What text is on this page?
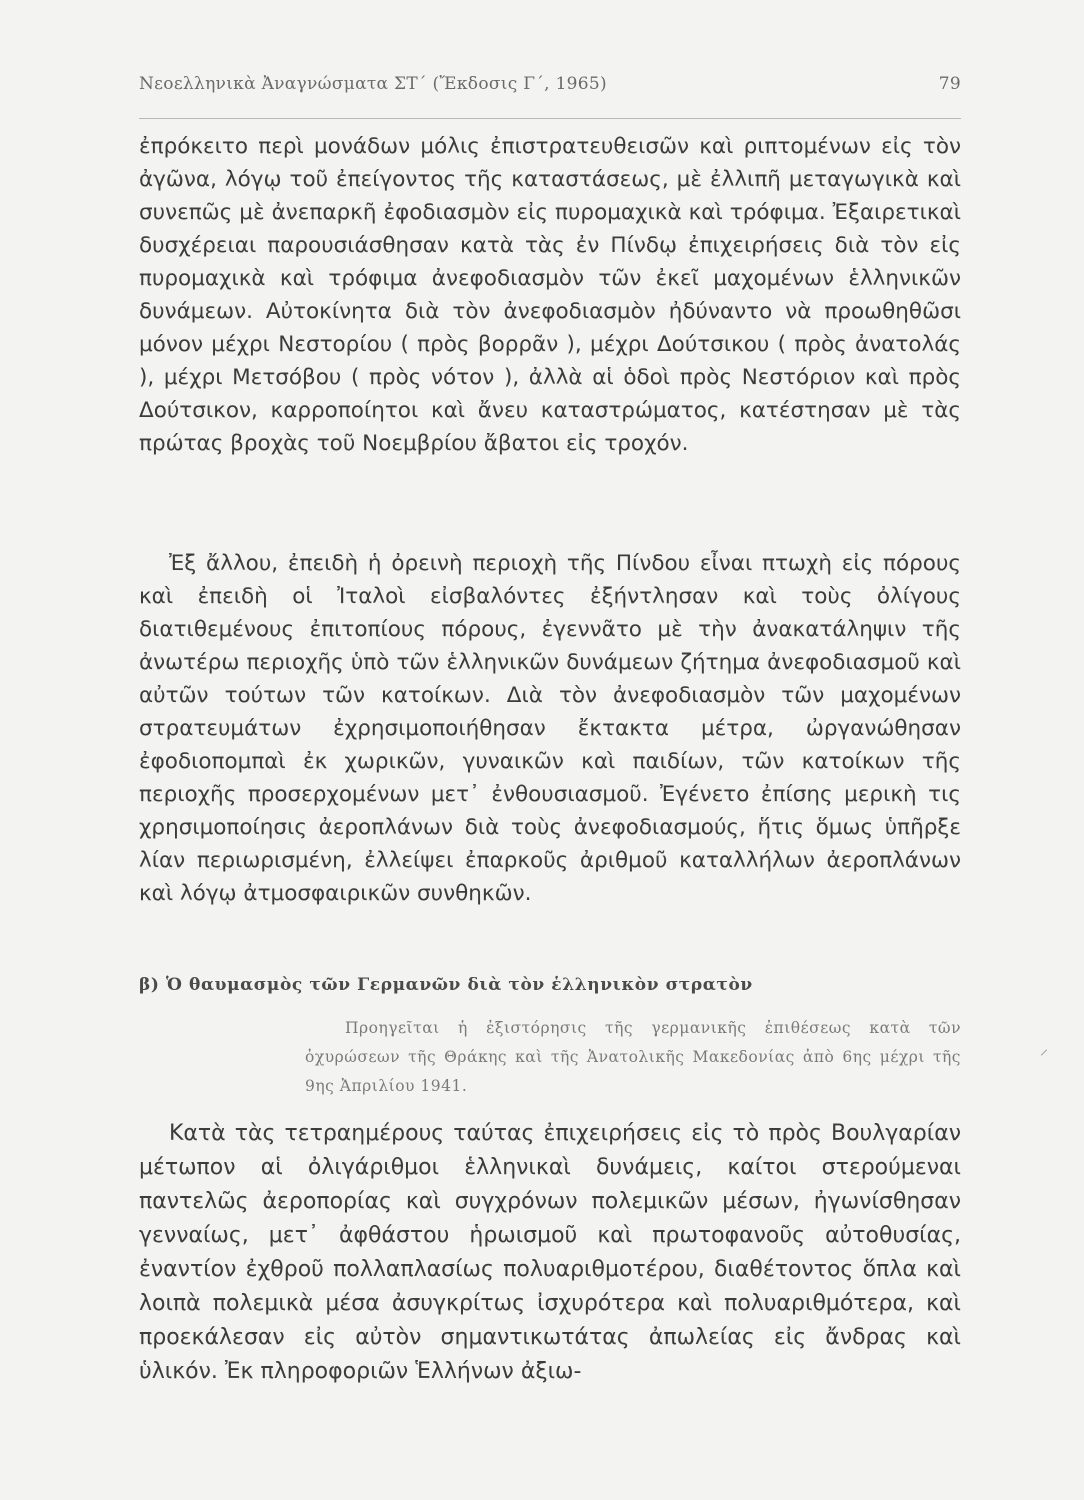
Νεοελληνικὰ Ἀναγνώσματα ΣΤ΄ (Ἔκδοσις Γ΄, 1965)	79

ἐπρόκειτο περὶ μονάδων μόλις ἐπιστρατευθεισῶν καὶ ριπτομένων εἰς τὸν ἀγῶνα, λόγῳ τοῦ ἐπείγοντος τῆς καταστάσεως, μὲ ἐλλιπῆ μεταγωγικὰ καὶ συνεπῶς μὲ ἀνεπαρκῆ ἐφοδιασμὸν εἰς πυρομαχικὰ καὶ τρόφιμα. Ἐξαιρετικαὶ δυσχέρειαι παρουσιάσθησαν κατὰ τὰς ἐν Πίνδῳ ἐπιχειρήσεις διὰ τὸν εἰς πυρομαχικὰ καὶ τρόφιμα ἀνεφοδιασμὸν τῶν ἐκεῖ μαχομένων ἑλληνικῶν δυνάμεων. Αὐτοκίνητα διὰ τὸν ἀνεφοδιασμὸν ἠδύναντο νὰ προωθηθῶσι μόνον μέχρι Νεστορίου ( πρὸς βορρᾶν ), μέχρι Δούτσικου ( πρὸς ἀνατολάς ), μέχρι Μετσόβου ( πρὸς νότον ), ἀλλὰ αἱ ὁδοὶ πρὸς Νεστόριον καὶ πρὸς Δούτσικον, καρροποίητοι καὶ ἄνευ καταστρώματος, κατέστησαν μὲ τὰς πρώτας βροχὰς τοῦ Νοεμβρίου ἄβατοι εἰς τροχόν.

Ἐξ ἄλλου, ἐπειδὴ ἡ ὀρεινὴ περιοχὴ τῆς Πίνδου εἶναι πτωχὴ εἰς πόρους καὶ ἐπειδὴ οἱ Ἰταλοὶ εἰσβαλόντες ἐξήντλησαν καὶ τοὺς ὀλίγους διατιθεμένους ἐπιτοπίους πόρους, ἐγεννᾶτο μὲ τὴν ἀνακατάληψιν τῆς ἀνωτέρω περιοχῆς ὑπὸ τῶν ἑλληνικῶν δυνάμεων ζήτημα ἀνεφοδιασμοῦ καὶ αὐτῶν τούτων τῶν κατοίκων. Διὰ τὸν ἀνεφοδιασμὸν τῶν μαχομένων στρατευμάτων ἐχρησιμοποιήθησαν ἔκτακτα μέτρα, ὠργανώθησαν ἐφοδιοπομπαὶ ἐκ χωρικῶν, γυναικῶν καὶ παιδίων, τῶν κατοίκων τῆς περιοχῆς προσερχομένων μετ᾽ ἐνθουσιασμοῦ. Ἐγένετο ἐπίσης μερικὴ τις χρησιμοποίησις ἀεροπλάνων διὰ τοὺς ἀνεφοδιασμούς, ἥτις ὅμως ὑπῆρξε λίαν περιωρισμένη, ἐλλείψει ἐπαρκοῦς ἀριθμοῦ καταλλήλων ἀεροπλάνων καὶ λόγῳ ἀτμοσφαιρικῶν συνθηκῶν.

β) Ὁ θαυμασμὸς τῶν Γερμανῶν διὰ τὸν ἑλληνικὸν στρατὸν
Προηγεῖται ἡ ἐξιστόρησις τῆς γερμανικῆς ἐπιθέσεως κατὰ τῶν ὀχυρώσεων τῆς Θράκης καὶ τῆς Ἀνατολικῆς Μακεδονίας ἀπὸ 6ης μέχρι τῆς 9ης Ἀπριλίου 1941.

Κατὰ τὰς τετραημέρους ταύτας ἐπιχειρήσεις εἰς τὸ πρὸς Βουλγαρίαν μέτωπον αἱ ὀλιγάριθμοι ἑλληνικαὶ δυνάμεις, καίτοι στερούμεναι παντελῶς ἀεροπορίας καὶ συγχρόνων πολεμικῶν μέσων, ἠγωνίσθησαν γενναίως, μετ᾽ ἀφθάστου ἡρωισμοῦ καὶ πρωτοφανοῦς αὐτοθυσίας, ἐναντίον ἐχθροῦ πολλαπλασίως πολυαριθμοτέρου, διαθέτοντος ὅπλα καὶ λοιπὰ πολεμικὰ μέσα ἀσυγκρίτως ἰσχυρότερα καὶ πολυαριθμότερα, καὶ προεκάλεσαν εἰς αὐτὸν σημαντικωτάτας ἀπωλείας εἰς ἄνδρας καὶ ὑλικόν. Ἐκ πληροφοριῶν Ἑλλήνων ἀξιω-
